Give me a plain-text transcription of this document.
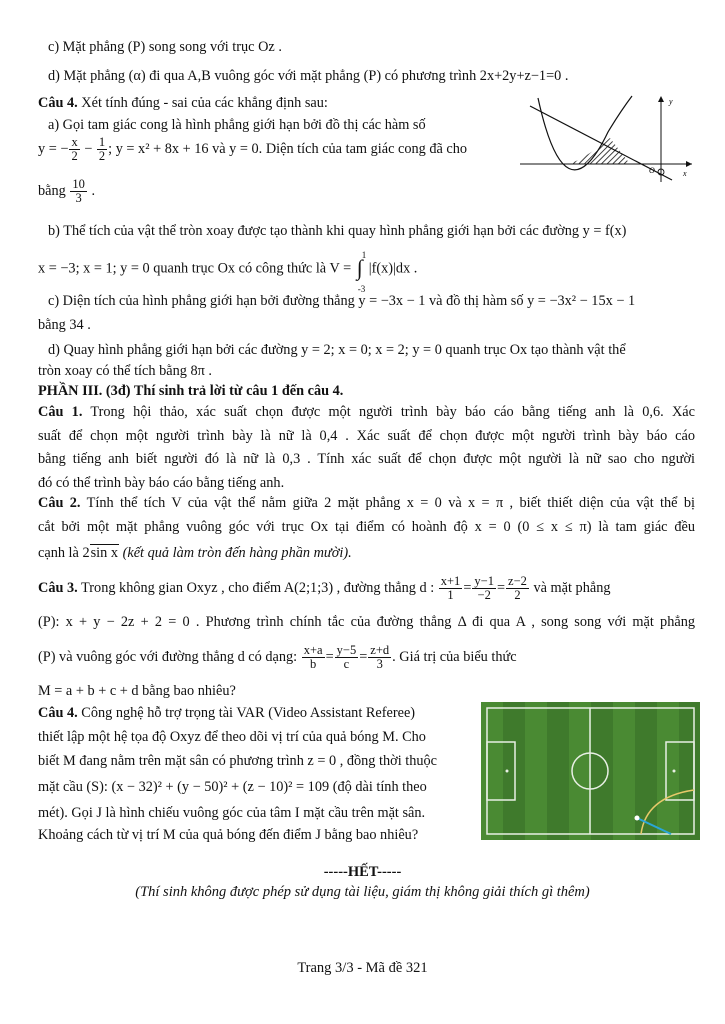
c) Mặt phẳng (P) song song với trục Oz .
d) Mặt phẳng (α) đi qua A,B vuông góc với mặt phẳng (P) có phương trình 2x+2y+z−1=0 .
Câu 4. Xét tính đúng - sai của các khẳng định sau:
a) Gọi tam giác cong là hình phẳng giới hạn bởi đồ thị các hàm số
y = − $\frac{x}{2} - \frac{1}{2}$ ; y = x² + 8x + 16 và y = 0. Diện tích của tam giác cong đã cho
bằng $\frac{10}{3}$ .
b) Thể tích của vật thể tròn xoay được tạo thành khi quay hình phẳng giới hạn bởi các đường y = f(x)
x = −3; x = 1; y = 0 quanh trục Ox có công thức là V = ∫
1
-3
|f(x)|dx .
c) Diện tích của hình phẳng giới hạn bởi đường thẳng y = −3x − 1 và đồ thị hàm số y = −3x² − 15x − 1
bằng 34 .
d) Quay hình phẳng giới hạn bởi các đường y = 2; x = 0; x = 2; y = 0 quanh trục Ox tạo thành vật thể
tròn xoay có thể tích bằng 8π .
PHẦN III. (3đ) Thí sinh trả lời từ câu 1 đến câu 4.
Câu 1. Trong hội thảo, xác suất chọn được một người trình bày báo cáo bằng tiếng anh là 0,6. Xác
suất để chọn một người trình bày là nữ là 0,4 . Xác suất để chọn được một người trình bày báo cáo
bằng tiếng anh biết người đó là nữ là 0,3 . Tính xác suất để chọn được một người là nữ sao cho người
đó có thể trình bày báo cáo bằng tiếng anh.
Câu 2. Tính thể tích V của vật thể nằm giữa 2 mặt phẳng x = 0 và x = π , biết thiết diện của vật thể bị
cắt bởi một mặt phẳng vuông góc với trục Ox tại điểm có hoành độ x = 0 (0 ≤ x ≤ π) là tam giác đều
cạnh là 2sin x (kết quả làm tròn đến hàng phần mười).
Câu 3. Trong không gian Oxyz , cho điểm A(2;1;3) , đường thẳng d : $\frac{x+1}{1} = \frac{y-1}{-2} = \frac{z-2}{2}$ và mặt phẳng
(P): x + y − 2z + 2 = 0 . Phương trình chính tắc của đường thẳng Δ đi qua A , song song với mặt phẳng
(P) và vuông góc với đường thẳng d có dạng: $\frac{x+a}{b} = \frac{y-5}{c} = \frac{z+d}{3}$ . Giá trị của biểu thức
M = a + b + c + d bằng bao nhiêu?
Câu 4. Công nghệ hỗ trợ trọng tài VAR (Video Assistant Referee)
thiết lập một hệ tọa độ Oxyz để theo dõi vị trí của quả bóng M. Cho
biết M đang nằm trên mặt sân có phương trình z = 0 , đồng thời thuộc
mặt cầu (S): (x − 32)² + (y − 50)² + (z − 10)² = 109 (độ dài tính theo
mét). Gọi J là hình chiếu vuông góc của tâm I mặt cầu trên mặt sân.
Khoảng cách từ vị trí M của quả bóng đến điểm J bằng bao nhiêu?
y
x
O
-----HẾT-----
(Thí sinh không được phép sử dụng tài liệu, giám thị không giải thích gì thêm)
Trang 3/3 - Mã đề 321
